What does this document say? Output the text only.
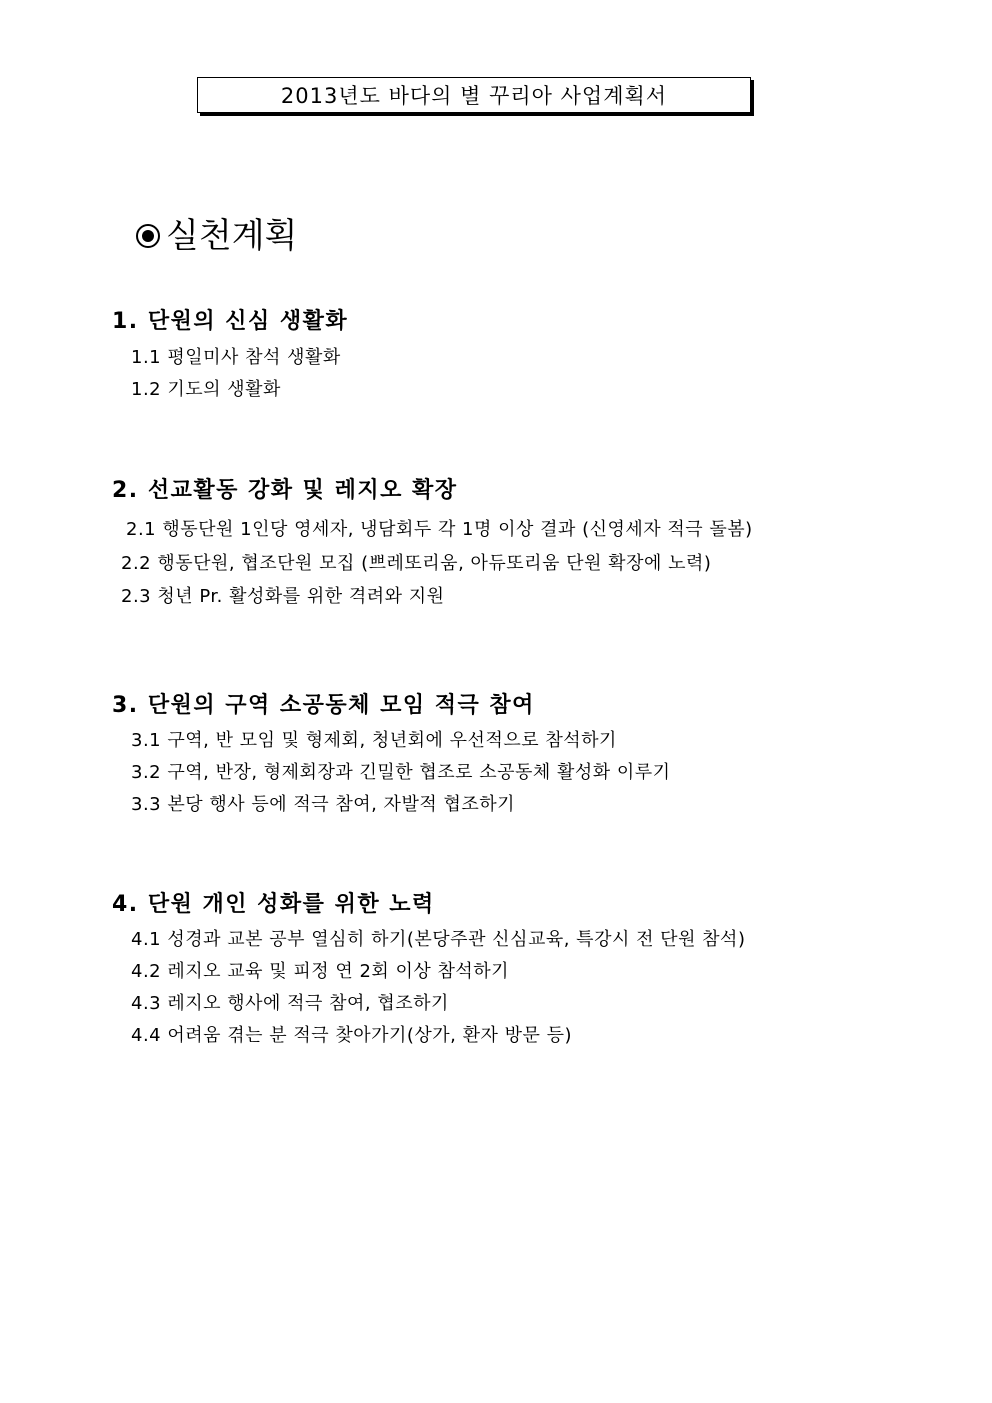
2013년도 바다의 별 꾸리아 사업계획서
실천계획
1. 단원의 신심 생활화
1.1 평일미사 참석 생활화
1.2 기도의 생활화
2. 선교활동 강화 및 레지오 확장
2.1 행동단원 1인당 영세자, 냉담회두 각 1명 이상 결과 (신영세자 적극 돌봄)
2.2 행동단원, 협조단원 모집 (쁘레또리움, 아듀또리움 단원 확장에 노력)
2.3 청년 Pr. 활성화를 위한 격려와 지원
3. 단원의 구역 소공동체 모임 적극 참여
3.1 구역, 반 모임 및 형제회, 청년회에 우선적으로 참석하기
3.2 구역, 반장, 형제회장과 긴밀한 협조로 소공동체 활성화 이루기
3.3 본당 행사 등에 적극 참여, 자발적 협조하기
4. 단원 개인 성화를 위한 노력
4.1 성경과 교본 공부 열심히 하기(본당주관 신심교육, 특강시 전 단원 참석)
4.2 레지오 교육 및 피정 연 2회 이상 참석하기
4.3 레지오 행사에 적극 참여, 협조하기
4.4 어려움 겪는 분 적극 찾아가기(상가, 환자 방문 등)
